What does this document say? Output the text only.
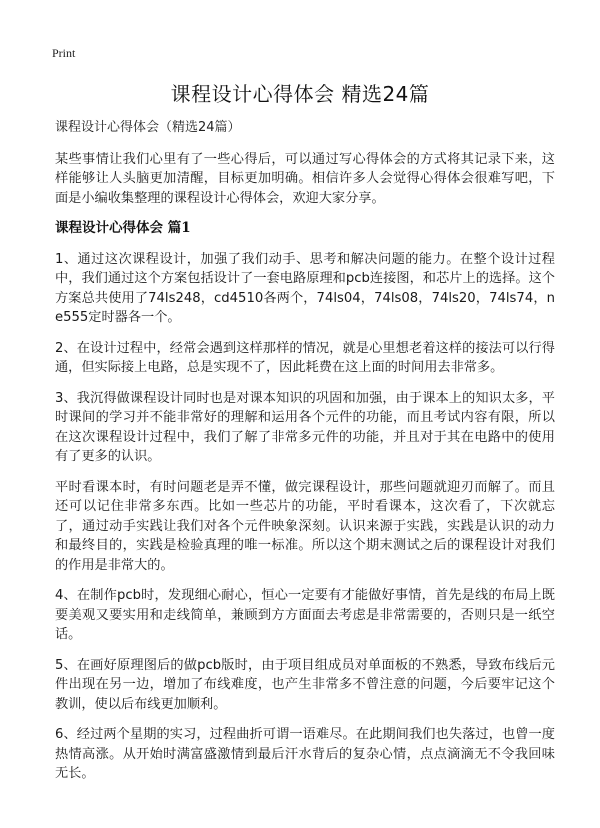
Print
课程设计心得体会 精选24篇

课程设计心得体会（精选24篇）

某些事情让我们心里有了一些心得后，可以通过写心得体会的方式将其记录下来，这样能够让人头脑更加清醒，目标更加明确。相信许多人会觉得心得体会很难写吧，下面是小编收集整理的课程设计心得体会，欢迎大家分享。

课程设计心得体会 篇1

1、通过这次课程设计，加强了我们动手、思考和解决问题的能力。在整个设计过程中，我们通过这个方案包括设计了一套电路原理和pcb连接图，和芯片上的选择。这个方案总共使用了74ls248，cd4510各两个，74ls04，74ls08，74ls20，74ls74，ne555定时器各一个。

2、在设计过程中，经常会遇到这样那样的情况，就是心里想老着这样的接法可以行得通，但实际接上电路，总是实现不了，因此耗费在这上面的时间用去非常多。

3、我沉得做课程设计同时也是对课本知识的巩固和加强，由于课本上的知识太多，平时课间的学习并不能非常好的理解和运用各个元件的功能，而且考试内容有限，所以在这次课程设计过程中，我们了解了非常多元件的功能，并且对于其在电路中的使用有了更多的认识。

平时看课本时，有时问题老是弄不懂，做完课程设计，那些问题就迎刃而解了。而且还可以记住非常多东西。比如一些芯片的功能，平时看课本，这次看了，下次就忘了，通过动手实践让我们对各个元件映象深刻。认识来源于实践，实践是认识的动力和最终目的，实践是检验真理的唯一标准。所以这个期末测试之后的课程设计对我们的作用是非常大的。

4、在制作pcb时，发现细心耐心，恒心一定要有才能做好事情，首先是线的布局上既要美观又要实用和走线简单，兼顾到方方面面去考虑是非常需要的，否则只是一纸空话。

5、在画好原理图后的做pcb版时，由于项目组成员对单面板的不熟悉，导致布线后元件出现在另一边，增加了布线难度，也产生非常多不曾注意的问题，今后要牢记这个教训，使以后布线更加顺利。

6、经过两个星期的实习，过程曲折可谓一语难尽。在此期间我们也失落过，也曾一度热情高涨。从开始时满富盛激情到最后汗水背后的复杂心情，点点滴滴无不令我回味无长。
